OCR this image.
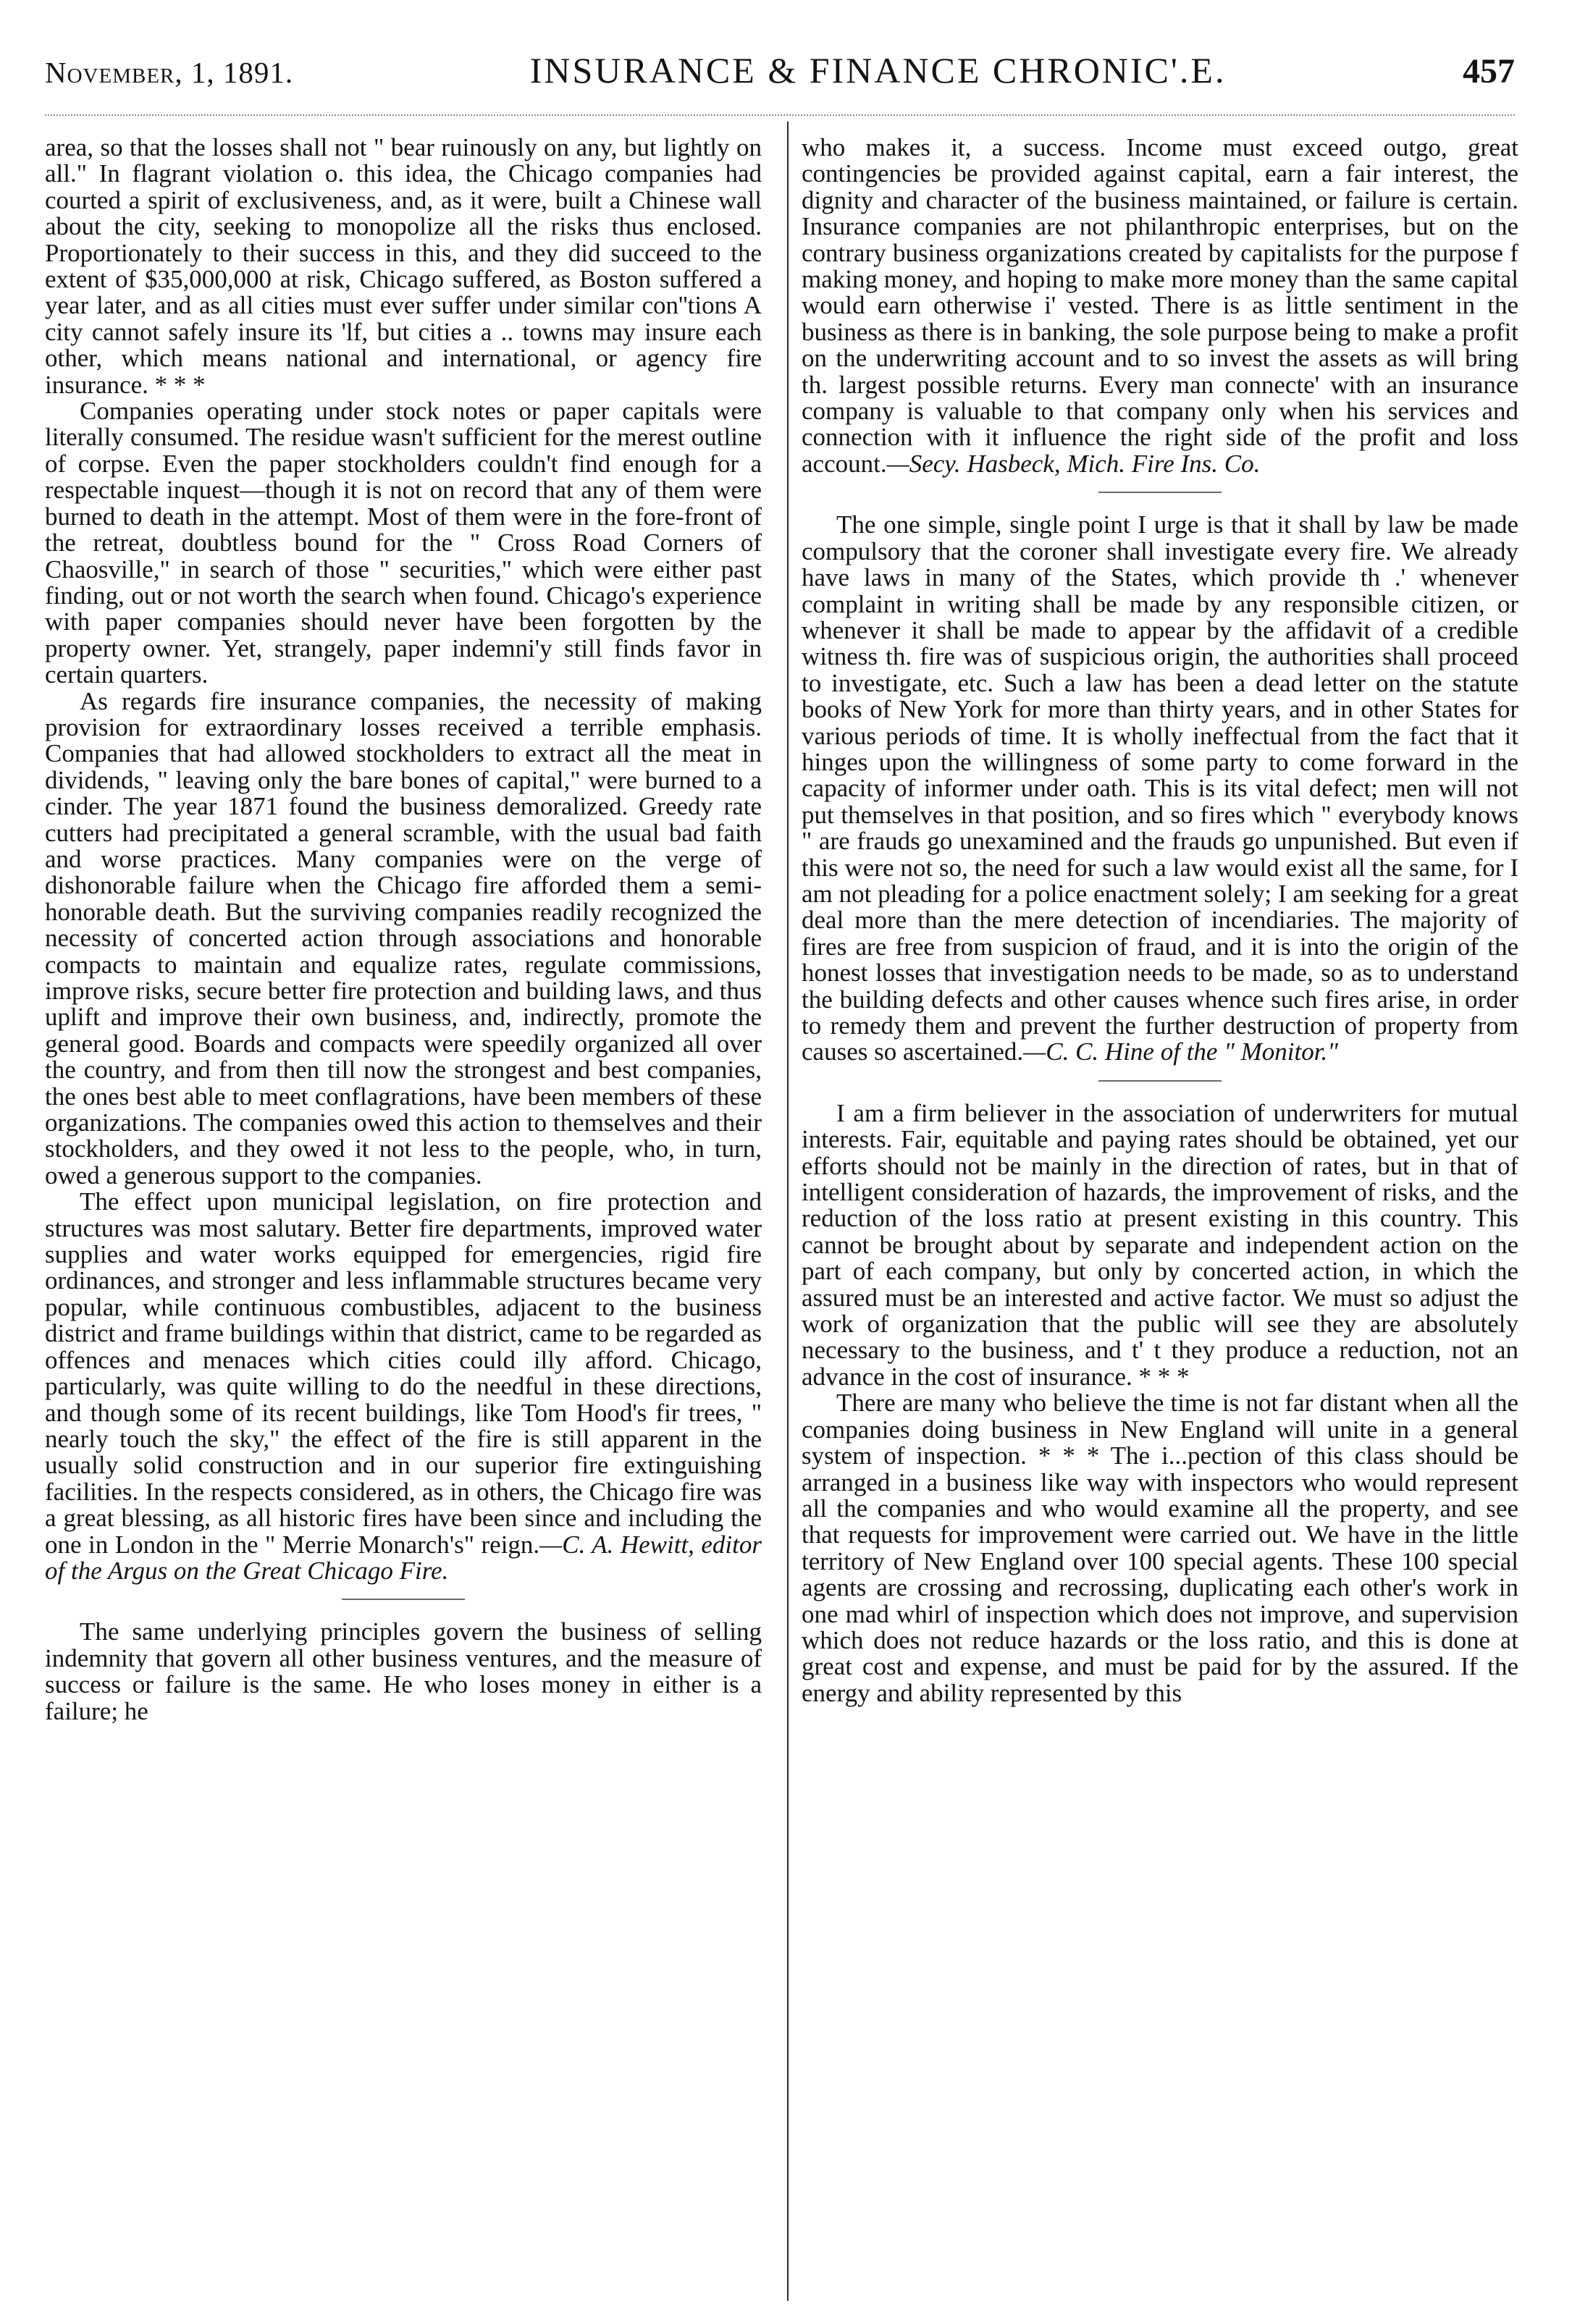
November, 1, 1891.	INSURANCE & FINANCE CHRONIC'.E.	457

area, so that the losses shall not " bear ruinously on any, but lightly on all." In flagrant violation o. this idea, the Chicago companies had courted a spirit of exclusiveness, and, as it were, built a Chinese wall about the city, seeking to monopolize all the risks thus enclosed. Proportionately to their success in this, and they did succeed to the extent of $35,000,000 at risk, Chicago suffered, as Boston suffered a year later, and as all cities must ever suffer under similar con''tions A city cannot safely insure its 'lf, but cities a .. towns may insure each other, which means national and international, or agency fire insurance. * * *

Companies operating under stock notes or paper capitals were literally consumed. The residue wasn't sufficient for the merest outline of corpse. Even the paper stockholders couldn't find enough for a respectable inquest—though it is not on record that any of them were burned to death in the attempt. Most of them were in the fore-front of the retreat, doubtless bound for the " Cross Road Corners of Chaosville," in search of those " securities," which were either past finding, out or not worth the search when found. Chicago's experience with paper companies should never have been forgotten by the property owner. Yet, strangely, paper indemni'y still finds favor in certain quarters.

As regards fire insurance companies, the necessity of making provision for extraordinary losses received a terrible emphasis. Companies that had allowed stockholders to extract all the meat in dividends, " leaving only the bare bones of capital," were burned to a cinder. The year 1871 found the business demoralized. Greedy rate cutters had precipitated a general scramble, with the usual bad faith and worse practices. Many companies were on the verge of dishonorable failure when the Chicago fire afforded them a semi-honorable death. But the surviving companies readily recognized the necessity of concerted action through associations and honorable compacts to maintain and equalize rates, regulate commissions, improve risks, secure better fire protection and building laws, and thus uplift and improve their own business, and, indirectly, promote the general good. Boards and compacts were speedily organized all over the country, and from then till now the strongest and best companies, the ones best able to meet conflagrations, have been members of these organizations. The companies owed this action to themselves and their stockholders, and they owed it not less to the people, who, in turn, owed a generous support to the companies.

The effect upon municipal legislation, on fire protection and structures was most salutary. Better fire departments, improved water supplies and water works equipped for emergencies, rigid fire ordinances, and stronger and less inflammable structures became very popular, while continuous combustibles, adjacent to the business district and frame buildings within that district, came to be regarded as offences and menaces which cities could illy afford. Chicago, particularly, was quite willing to do the needful in these directions, and though some of its recent buildings, like Tom Hood's fir trees, " nearly touch the sky," the effect of the fire is still apparent in the usually solid construction and in our superior fire extinguishing facilities. In the respects considered, as in others, the Chicago fire was a great blessing, as all historic fires have been since and including the one in London in the " Merrie Monarch's" reign.—C. A. Hewitt, editor of the Argus on the Great Chicago Fire.

The same underlying principles govern the business of selling indemnity that govern all other business ventures, and the measure of success or failure is the same. He who loses money in either is a failure; he

who makes it, a success. Income must exceed outgo, great contingencies be provided against capital, earn a fair interest, the dignity and character of the business maintained, or failure is certain. Insurance companies are not philanthropic enterprises, but on the contrary business organizations created by capitalists for the purpose f making money, and hoping to make more money than the same capital would earn otherwise i' vested. There is as little sentiment in the business as there is in banking, the sole purpose being to make a profit on the underwriting account and to so invest the assets as will bring th. largest possible returns. Every man connecte' with an insurance company is valuable to that company only when his services and connection with it influence the right side of the profit and loss account.—Secy. Hasbeck, Mich. Fire Ins. Co.

The one simple, single point I urge is that it shall by law be made compulsory that the coroner shall investigate every fire. We already have laws in many of the States, which provide th .' whenever complaint in writing shall be made by any responsible citizen, or whenever it shall be made to appear by the affidavit of a credible witness th. fire was of suspicious origin, the authorities shall proceed to investigate, etc. Such a law has been a dead letter on the statute books of New York for more than thirty years, and in other States for various periods of time. It is wholly ineffectual from the fact that it hinges upon the willingness of some party to come forward in the capacity of informer under oath. This is its vital defect; men will not put themselves in that position, and so fires which " everybody knows " are frauds go unexamined and the frauds go unpunished. But even if this were not so, the need for such a law would exist all the same, for I am not pleading for a police enactment solely; I am seeking for a great deal more than the mere detection of incendiaries. The majority of fires are free from suspicion of fraud, and it is into the origin of the honest losses that investigation needs to be made, so as to understand the building defects and other causes whence such fires arise, in order to remedy them and prevent the further destruction of property from causes so ascertained.—C. C. Hine of the " Monitor."

I am a firm believer in the association of underwriters for mutual interests. Fair, equitable and paying rates should be obtained, yet our efforts should not be mainly in the direction of rates, but in that of intelligent consideration of hazards, the improvement of risks, and the reduction of the loss ratio at present existing in this country. This cannot be brought about by separate and independent action on the part of each company, but only by concerted action, in which the assured must be an interested and active factor. We must so adjust the work of organization that the public will see they are absolutely necessary to the business, and t' t they produce a reduction, not an advance in the cost of insurance. * * *

There are many who believe the time is not far distant when all the companies doing business in New England will unite in a general system of inspection. * * * The i...pection of this class should be arranged in a business like way with inspectors who would represent all the companies and who would examine all the property, and see that requests for improvement were carried out. We have in the little territory of New England over 100 special agents. These 100 special agents are crossing and recrossing, duplicating each other's work in one mad whirl of inspection which does not improve, and supervision which does not reduce hazards or the loss ratio, and this is done at great cost and expense, and must be paid for by the assured. If the energy and ability represented by this
